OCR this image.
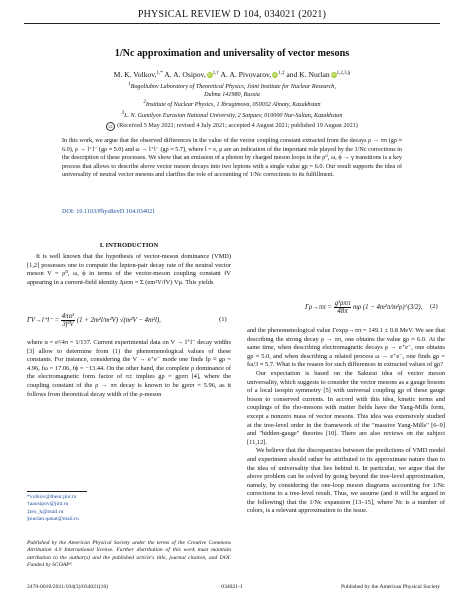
PHYSICAL REVIEW D 104, 034021 (2021)
1/Nc approximation and universality of vector mesons
M. K. Volkov,$^{1,*}$ A. A. Osipov, $iD^{1,\dagger}$ A. A. Pivovarov, $iD^{1,\ddagger}$ and K. Nurlan $iD^{1,2,3,\S}$
$^1$Bogoliubov Laboratory of Theoretical Physics, Joint Institute for Nuclear Research,
Dubna 141980, Russia
$^2$Institute of Nuclear Physics, 1 Ibragimova, 050032 Almaty, Kazakhstan
$^3$L. N. Gumilyov Eurasian National University, 2 Satpaev, 010000 Nur-Sultan, Kazakhstan
cc (Received 5 May 2021; revised 4 July 2021; accepted 4 August 2021; published 19 August 2021)
In this work, we argue that the observed differences in the value of the vector coupling constant extracted from the decays ρ → ππ (gρ ≈ 6.0), ρ → l⁺l⁻ (gρ ≈ 5.0) and ω → l⁺l⁻ (gρ ≈ 5.7), where l = e, μ are an indication of the important role played by the 1/Nc corrections in the description of these processes. We show that an emission of a photon by charged meson loops in the ρ⁰, ω, ϕ → γ transitions is a key process that allows to describe above vector meson decays into two leptons with a single value gρ = 6.0. Our result supports the idea of universality of neutral vector mesons and clarifies the role of accounting of 1/Nc corrections to its fulfillment.
DOI: 10.1103/PhysRevD.104.034021
I. INTRODUCTION

It is well known that the hypothesis of vector-meson dominance (VMD) [1,2] possesses one to compute the lepton-pair decay rate of the neutral vector meson V = ρ⁰, ω, ϕ in terms of the vector-meson coupling constant fV appearing in a current-field identity Jμem = Σ (em²V/fV) Vμ. This yields

$\Gamma V\to l^+l^- = \frac{\text{4πα²}}{\text{3f²V}} (1 + 2m^2l/m^2V) √(m^2V - 4m^2l)$,	(1)

where α = e²/4π = 1/137. Current experimental data on V → l⁺l⁻ decay widths [3] allow to determine from (1) the phenomenological values of these constants. For instance, considering the V → e⁺e⁻ mode one finds fρ ≡ gρ = 4.96, fω = 17.06, fϕ = −13.44. On the other hand, the complete ρ dominance of the electromagnetic form factor of π± implies gρ = gρππ [4], where the coupling constant of the ρ → ππ decay is known to be gρππ = 5.96, as it follows from theoretical decay width of the ρ-meson

$\Gamma\rho\to\pi\pi = \frac{\text{g²ρππ}}{48\pi}$ mρ (1 − 4m²π/m²ρ)^(3/2), (2)

and the phenomenological value Γexpρ→ππ = 149.1 ± 0.8 MeV. We see that describing the strong decay ρ → ππ, one obtains the value gρ ≈ 6.0. At the same time, when describing electromagnetic decays ρ → e⁺e⁻, one obtains gρ ≈ 5.0, and when describing a related process ω → e⁺e⁻, one finds gρ = fω/3 ≈ 5.7. What is the reason for such differences in extracted values of gρ?

Our expectation is based on the Sakurai idea of vector meson universality, which suggests to consider the vector mesons as a gauge bosons of a local isospin symmetry [5] with universal coupling gρ of these gauge boson to conserved currents. In accord with this idea, kinetic terms and couplings of the rho-mesons with matter fields have the Yang-Mills form, except a nonzero mass of vector mesons. This idea was extensively studied at the tree-level order in the framework of the "massive Yang-Mills" [6–9] and "hidden-gauge" theories [10]. There are also reviews on the subject [11,12].

We believe that the discrepancies between the predictions of VMD model and experiment should rather be attributed to its approximate nature than to the idea of universality that lies behind it. In particular, we argue that the above problem can be solved by going beyond the tree-level approximation, namely, by considering the one-loop meson diagrams accounting for 1/Nc corrections to a tree-level result. Thus, we assume (and it will be argued in the following) that the 1/Nc expansion [13–15], where Nc is a number of colors, is a relevant approximation to the issue.

*volkov@theor.jinr.ru
†aaosipov@jinr.ru
‡tex_k@mail.ru
§nurlan.qanat@mail.ru
Published by the American Physical Society under the terms of the Creative Commons Attribution 4.0 International license. Further distribution of this work must maintain attribution to the author(s) and the published article's title, journal citation, and DOI. Funded by SCOAP³.
2470-0010/2021/104(3)/034021(10)	034021-1	Published by the American Physical Society
